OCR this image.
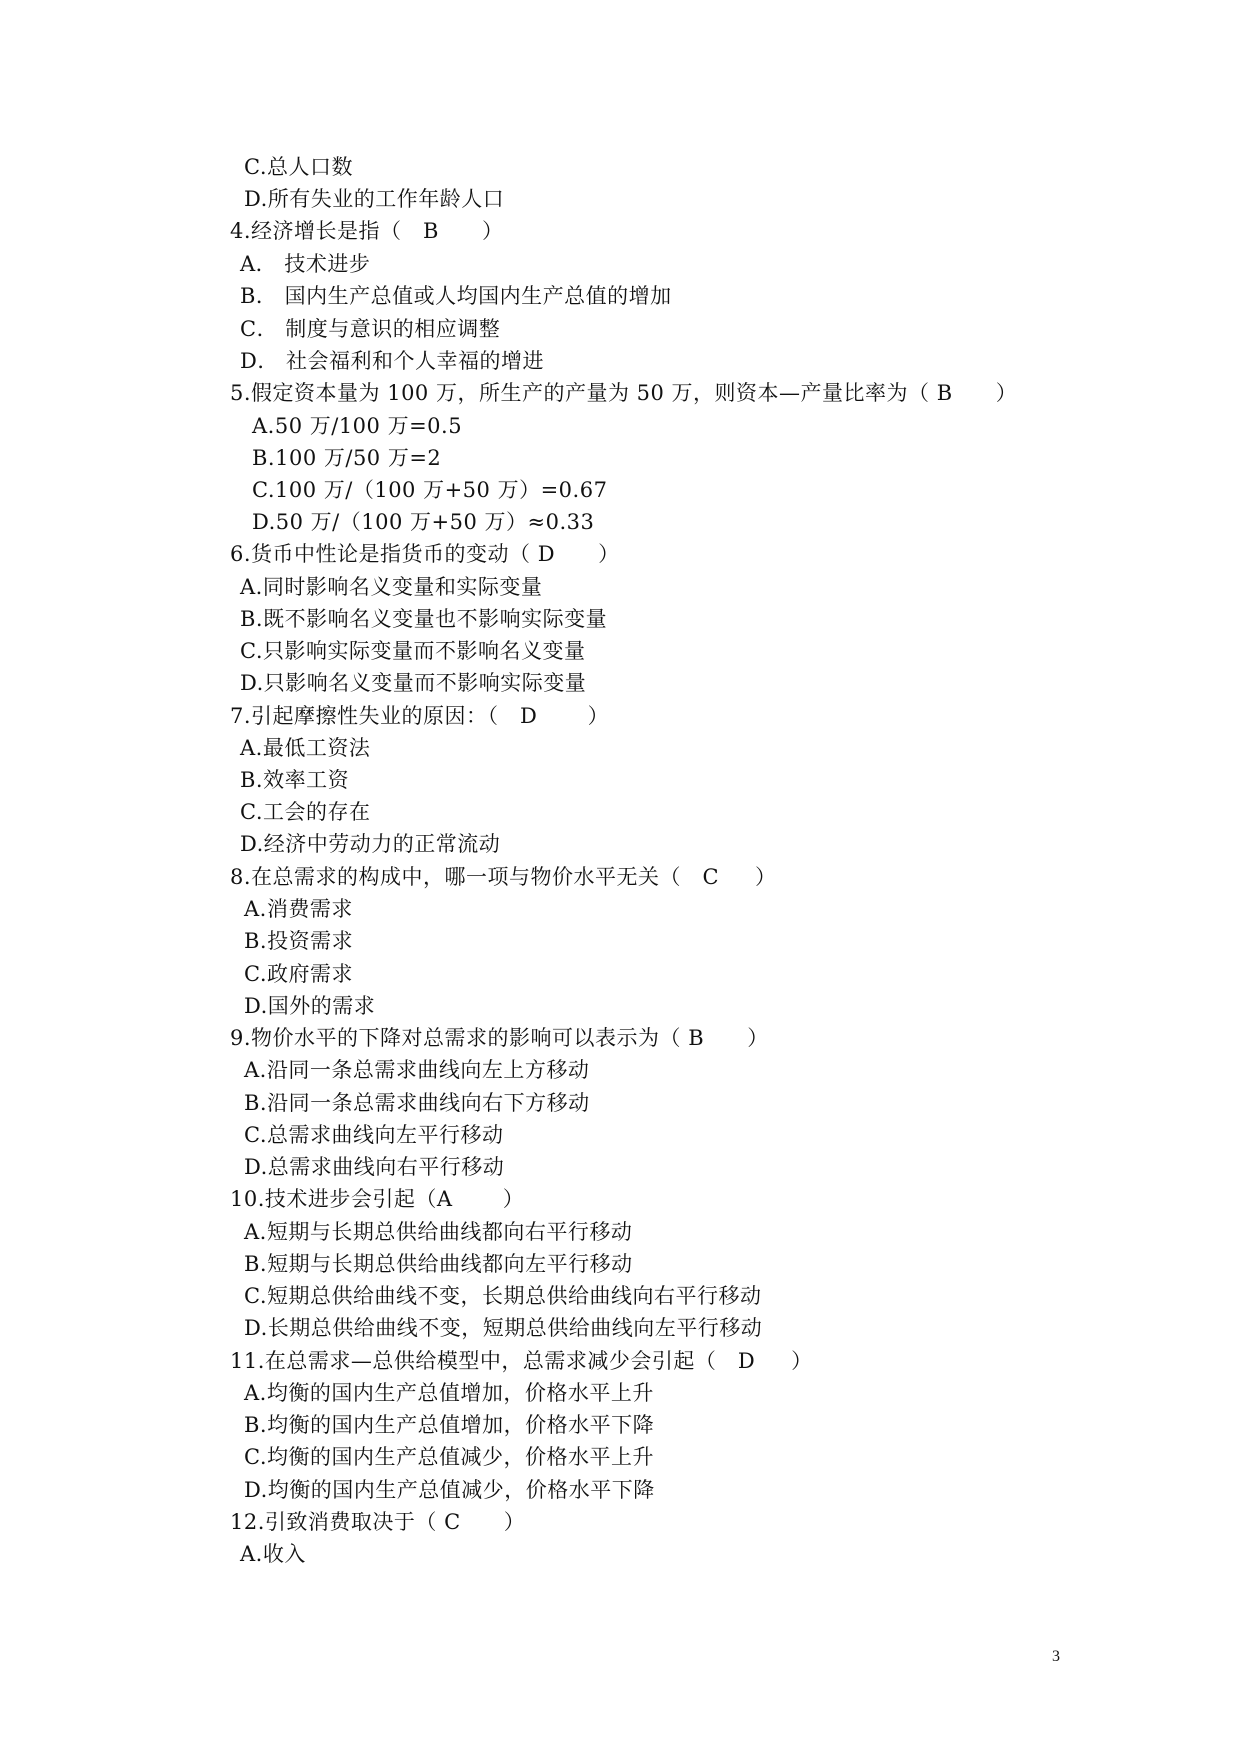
C.总人口数
D.所有失业的工作年龄人口
4.经济增长是指（   B      ）
A． 技术进步
B． 国内生产总值或人均国内生产总值的增加
C． 制度与意识的相应调整
D． 社会福利和个人幸福的增进
5.假定资本量为 100 万，所生产的产量为 50 万，则资本—产量比率为（ B      ）
A.50 万/100 万=0.5
B.100 万/50 万=2
C.100 万/（100 万+50 万）=0.67
D.50 万/（100 万+50 万）≈0.33
6.货币中性论是指货币的变动（ D      ）
A.同时影响名义变量和实际变量
B.既不影响名义变量也不影响实际变量
C.只影响实际变量而不影响名义变量
D.只影响名义变量而不影响实际变量
7.引起摩擦性失业的原因：（   D       ）
A.最低工资法
B.效率工资
C.工会的存在
D.经济中劳动力的正常流动
8.在总需求的构成中，哪一项与物价水平无关（   C     ）
A.消费需求
B.投资需求
C.政府需求
D.国外的需求
9.物价水平的下降对总需求的影响可以表示为（ B      ）
A.沿同一条总需求曲线向左上方移动
B.沿同一条总需求曲线向右下方移动
C.总需求曲线向左平行移动
D.总需求曲线向右平行移动
10.技术进步会引起（A       ）
A.短期与长期总供给曲线都向右平行移动
B.短期与长期总供给曲线都向左平行移动
C.短期总供给曲线不变，长期总供给曲线向右平行移动
D.长期总供给曲线不变，短期总供给曲线向左平行移动
11.在总需求—总供给模型中，总需求减少会引起（   D     ）
A.均衡的国内生产总值增加，价格水平上升
B.均衡的国内生产总值增加，价格水平下降
C.均衡的国内生产总值减少，价格水平上升
D.均衡的国内生产总值减少，价格水平下降
12.引致消费取决于（ C      ）
A.收入
3
